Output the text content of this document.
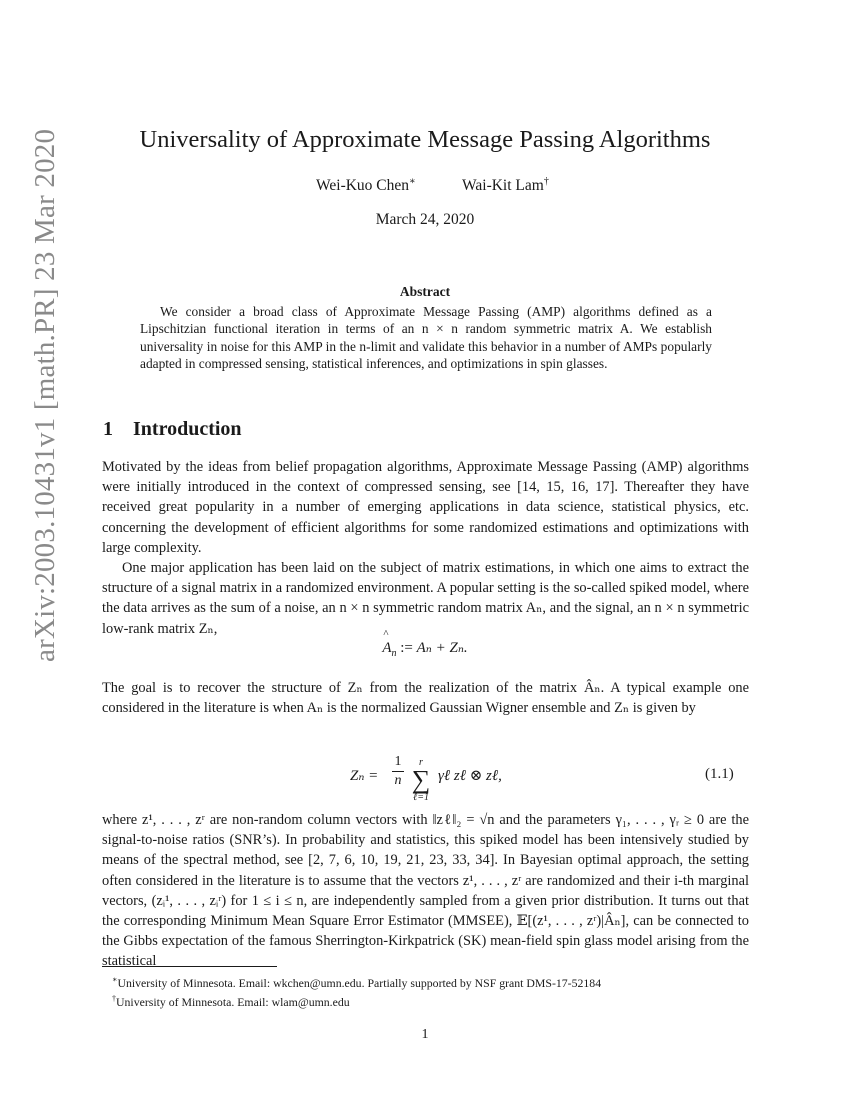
arXiv:2003.10431v1 [math.PR] 23 Mar 2020	Universality of Approximate Message Passing Algorithms
Wei-Kuo Chen∗	Wai-Kit Lam†
March 24, 2020
Abstract

We consider a broad class of Approximate Message Passing (AMP) algorithms defined as a Lipschitzian functional iteration in terms of an n × n random symmetric matrix A. We establish universality in noise for this AMP in the n-limit and validate this behavior in a number of AMPs popularly adapted in compressed sensing, statistical inferences, and optimizations in spin glasses.

1 Introduction

Motivated by the ideas from belief propagation algorithms, Approximate Message Passing (AMP) algorithms were initially introduced in the context of compressed sensing, see [14, 15, 16, 17]. Thereafter they have received great popularity in a number of emerging applications in data science, statistical physics, etc. concerning the development of efficient algorithms for some randomized estimations and optimizations with large complexity.

One major application has been laid on the subject of matrix estimations, in which one aims to extract the structure of a signal matrix in a randomized environment. A popular setting is the so-called spiked model, where the data arrives as the sum of a noise, an n × n symmetric random matrix Aₙ, and the signal, an n × n symmetric low-rank matrix Zₙ,

^ $A_n$ := Aₙ + Zₙ.

The goal is to recover the structure of Zₙ from the realization of the matrix Âₙ. A typical example one considered in the literature is when Aₙ is the normalized Gaussian Wigner ensemble and Zₙ is given by

Zₙ =
1
n
r
∑
ℓ=1
γℓ zℓ ⊗ zℓ,	(1.1)

where z¹, . . . , zʳ are non-random column vectors with ‖zℓ‖₂ = √n and the parameters γ₁, . . . , γᵣ ≥ 0 are the signal-to-noise ratios (SNR’s). In probability and statistics, this spiked model has been intensively studied by means of the spectral method, see [2, 7, 6, 10, 19, 21, 23, 33, 34]. In Bayesian optimal approach, the setting often considered in the literature is to assume that the vectors z¹, . . . , zʳ are randomized and their i-th marginal vectors, (zᵢ¹, . . . , zᵢʳ) for 1 ≤ i ≤ n, are independently sampled from a given prior distribution. It turns out that the corresponding Minimum Mean Square Error Estimator (MMSEE), 𝔼[(z¹, . . . , zʳ)|Âₙ], can be connected to the Gibbs expectation of the famous Sherrington-Kirkpatrick (SK) mean-field spin glass model arising from the statistical

∗University of Minnesota. Email: wkchen@umn.edu. Partially supported by NSF grant DMS-17-52184
†University of Minnesota. Email: wlam@umn.edu
1
